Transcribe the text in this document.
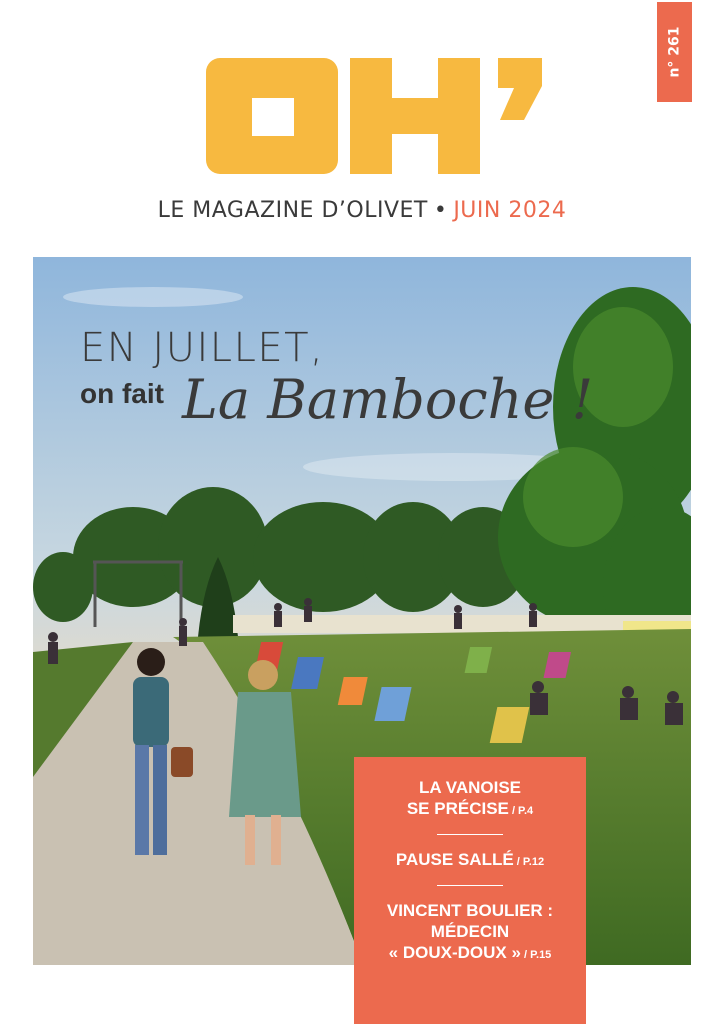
n° 261
LE MAGAZINE D’OLIVET • JUIN 2024
EN JUILLET,
on fait La Bamboche !
LA VANOISE
SE PRÉCISE / P.4
PAUSE SALLÉ / P.12
VINCENT BOULIER :
MÉDECIN
« DOUX-DOUX » / P.15
